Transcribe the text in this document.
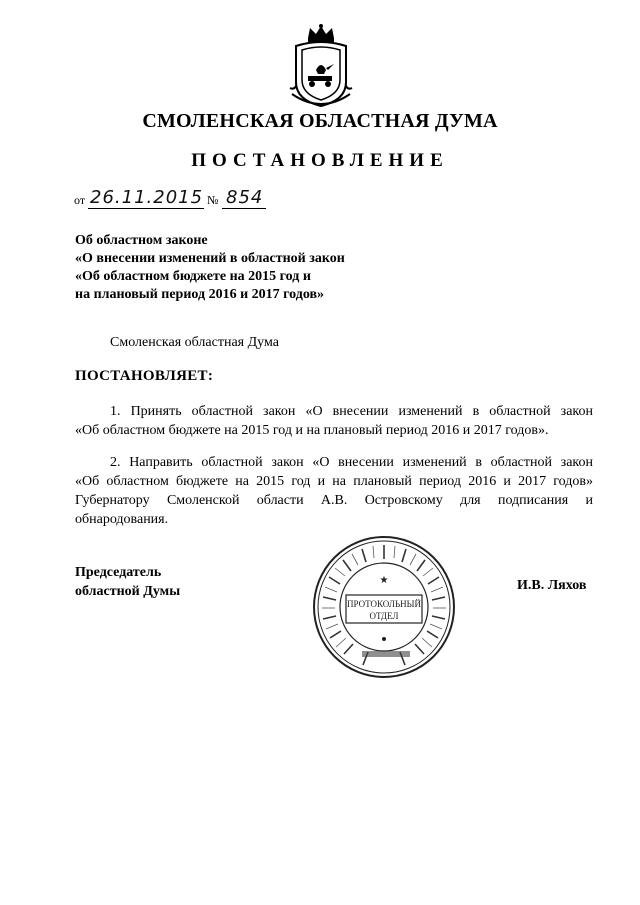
СМОЛЕНСКАЯ ОБЛАСТНАЯ ДУМА
ПОСТАНОВЛЕНИЕ
от 26.11.2015 № 854
Об областном законе
«О внесении изменений в областной закон
«Об областном бюджете на 2015 год и
на плановый период 2016 и 2017 годов»
Смоленская областная Дума
ПОСТАНОВЛЯЕТ:
1. Принять областной закон «О внесении изменений в областной закон
«Об областном бюджете на 2015 год и на плановый период 2016 и 2017 годов».
2. Направить областной закон «О внесении изменений в областной закон
«Об областном бюджете на 2015 год и на плановый период 2016 и 2017 годов»
Губернатору Смоленской области А.В. Островскому для подписания и
обнародования.
Председатель
областной Думы
ПРОТОКОЛЬНЫЙ
ОТДЕЛ
★	И.В. Ляхов
